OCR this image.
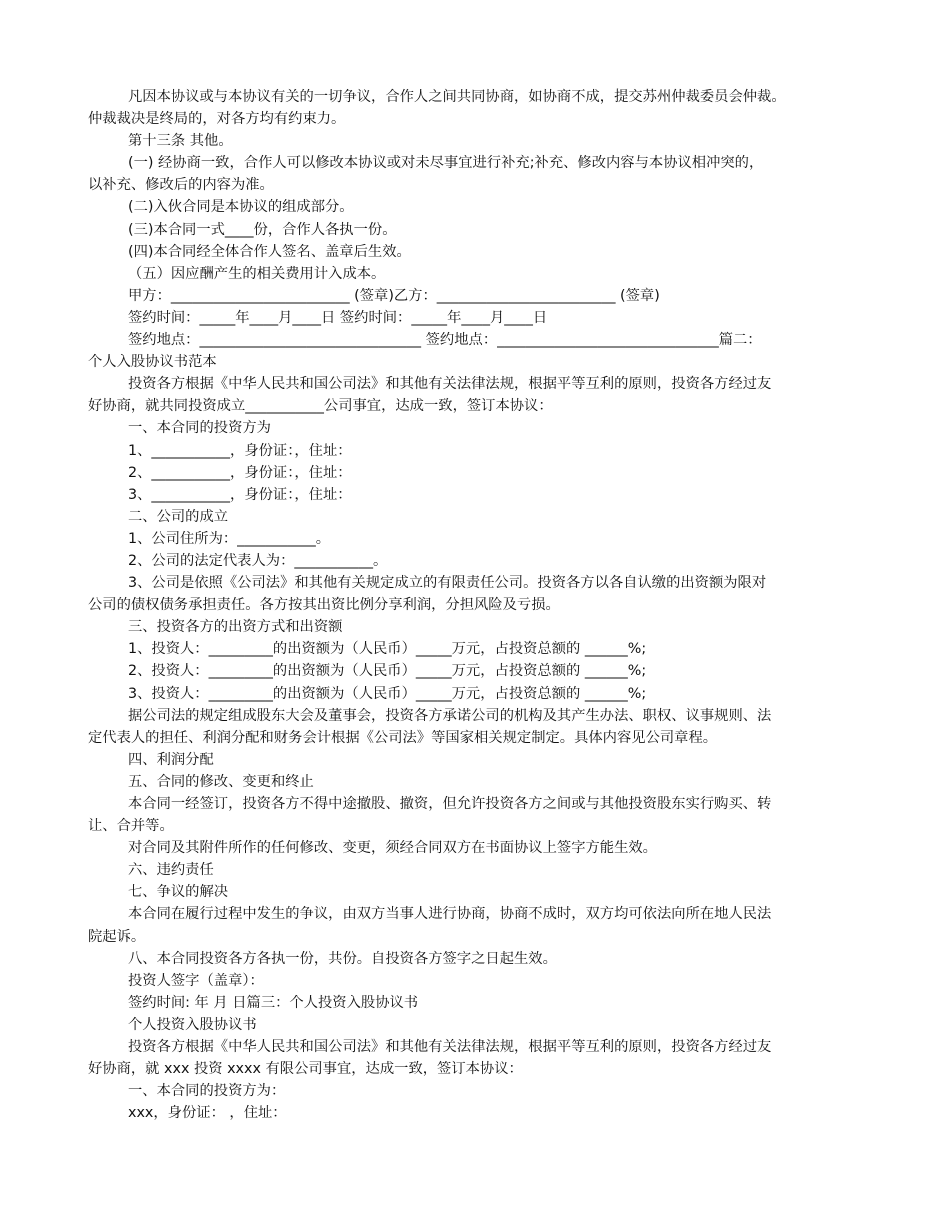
凡因本协议或与本协议有关的一切争议，合作人之间共同协商，如协商不成，提交苏州仲裁委员会仲裁。
仲裁裁决是终局的，对各方均有约束力。
第十三条 其他。
(一) 经协商一致，合作人可以修改本协议或对未尽事宜进行补充;补充、修改内容与本协议相冲突的，
以补充、修改后的内容为准。
(二)入伙合同是本协议的组成部分。
(三)本合同一式____份，合作人各执一份。
(四)本合同经全体合作人签名、盖章后生效。
（五）因应酬产生的相关费用计入成本。
甲方：_________________________ (签章)乙方：_________________________ (签章)
签约时间：_____年____月____日 签约时间：_____年____月____日
签约地点：_______________________________ 签约地点：_______________________________篇二：
个人入股协议书范本
投资各方根据《中华人民共和国公司法》和其他有关法律法规，根据平等互利的原则，投资各方经过友
好协商，就共同投资成立___________公司事宜，达成一致，签订本协议：
一、本合同的投资方为
1、___________，身份证：，住址：
2、___________，身份证：，住址：
3、___________，身份证：，住址：
二、公司的成立
1、公司住所为：___________。
2、公司的法定代表人为：___________。
3、公司是依照《公司法》和其他有关规定成立的有限责任公司。投资各方以各自认缴的出资额为限对
公司的债权债务承担责任。各方按其出资比例分享利润，分担风险及亏损。
三、投资各方的出资方式和出资额
1、投资人：_________的出资额为（人民币）_____万元，占投资总额的 ______%;
2、投资人：_________的出资额为（人民币）_____万元，占投资总额的 ______%;
3、投资人：_________的出资额为（人民币）_____万元，占投资总额的 ______%;
据公司法的规定组成股东大会及董事会，投资各方承诺公司的机构及其产生办法、职权、议事规则、法
定代表人的担任、利润分配和财务会计根据《公司法》等国家相关规定制定。具体内容见公司章程。
四、利润分配
五、合同的修改、变更和终止
本合同一经签订，投资各方不得中途撤股、撤资，但允许投资各方之间或与其他投资股东实行购买、转
让、合并等。
对合同及其附件所作的任何修改、变更，须经合同双方在书面协议上签字方能生效。
六、违约责任
七、争议的解决
本合同在履行过程中发生的争议，由双方当事人进行协商，协商不成时，双方均可依法向所在地人民法
院起诉。
八、本合同投资各方各执一份，共份。自投资各方签字之日起生效。
投资人签字（盖章）：
签约时间: 年 月 日篇三：个人投资入股协议书
个人投资入股协议书
投资各方根据《中华人民共和国公司法》和其他有关法律法规，根据平等互利的原则，投资各方经过友
好协商，就 xxx 投资 xxxx 有限公司事宜，达成一致，签订本协议：
一、本合同的投资方为：
xxx，身份证： ，住址：
